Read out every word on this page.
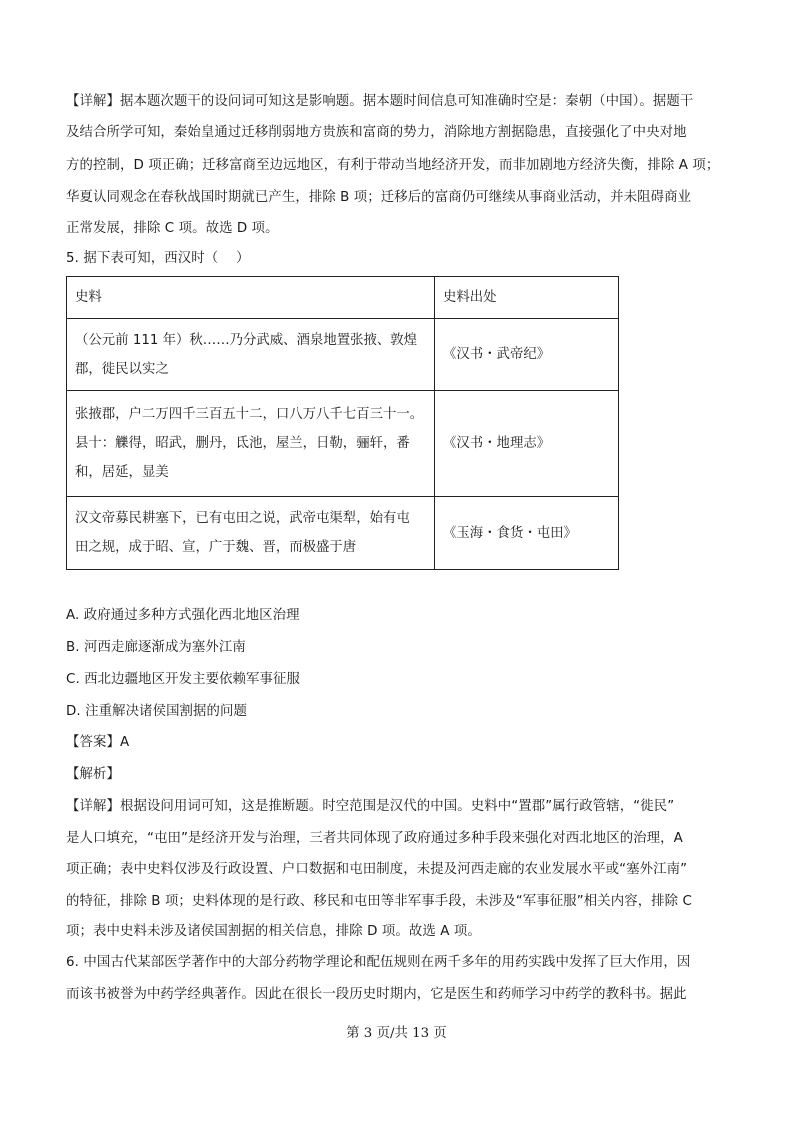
【详解】据本题次题干的设问词可知这是影响题。据本题时间信息可知准确时空是：秦朝（中国）。据题干
及结合所学可知，秦始皇通过迁移削弱地方贵族和富商的势力，消除地方割据隐患，直接强化了中央对地
方的控制，D 项正确；迁移富商至边远地区，有利于带动当地经济开发，而非加剧地方经济失衡，排除 A 项；
华夏认同观念在春秋战国时期就已产生，排除 B 项；迁移后的富商仍可继续从事商业活动，并未阻碍商业
正常发展，排除 C 项。故选 D 项。
5. 据下表可知，西汉时（　 ）
史料	史料出处

（公元前 111 年）秋……乃分武威、酒泉地置张掖、敦煌
郡，徙民以实之	《汉书・武帝纪》

张掖郡，户二万四千三百五十二，口八万八千七百三十一。
县十：觻得，昭武，删丹，氐池，屋兰，日勒，骊轩，番
和，居延，显美	《汉书・地理志》

汉文帝募民耕塞下，已有屯田之说，武帝屯渠犁，始有屯
田之规，成于昭、宣，广于魏、晋，而极盛于唐	《玉海・食货・屯田》
A. 政府通过多种方式强化西北地区治理
B. 河西走廊逐渐成为塞外江南
C. 西北边疆地区开发主要依赖军事征服
D. 注重解决诸侯国割据的问题
【答案】A
【解析】
【详解】根据设问用词可知，这是推断题。时空范围是汉代的中国。史料中“置郡”属行政管辖，“徙民”
是人口填充，“屯田”是经济开发与治理，三者共同体现了政府通过多种手段来强化对西北地区的治理，A
项正确；表中史料仅涉及行政设置、户口数据和屯田制度，未提及河西走廊的农业发展水平或“塞外江南”
的特征，排除 B 项；史料体现的是行政、移民和屯田等非军事手段，未涉及“军事征服”相关内容，排除 C
项；表中史料未涉及诸侯国割据的相关信息，排除 D 项。故选 A 项。
6. 中国古代某部医学著作中的大部分药物学理论和配伍规则在两千多年的用药实践中发挥了巨大作用，因
而该书被誉为中药学经典著作。因此在很长一段历史时期内，它是医生和药师学习中药学的教科书。据此
第 3 页/共 13 页
